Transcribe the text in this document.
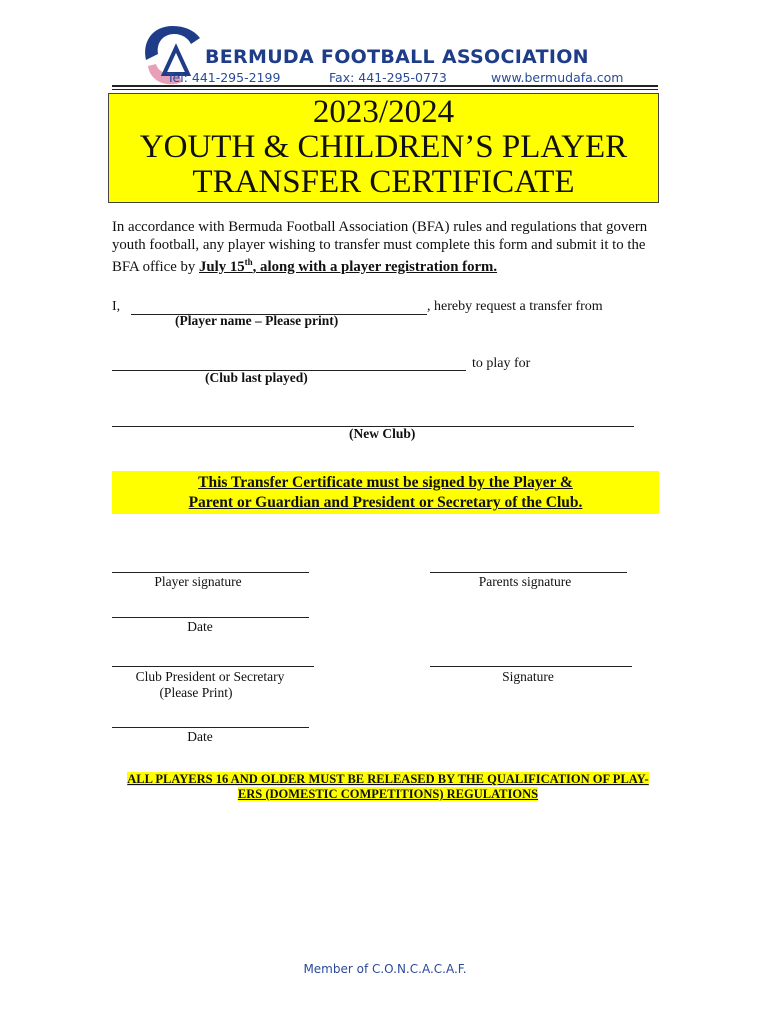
BERMUDA FOOTBALL ASSOCIATION
Tel: 441-295-2199	Fax: 441-295-0773	www.bermudafa.com
2023/2024
YOUTH & CHILDREN’S PLAYER
TRANSFER CERTIFICATE
In accordance with Bermuda Football Association (BFA) rules and regulations that govern youth football, any player wishing to transfer must complete this form and submit it to the BFA office by July 15th, along with a player registration form.
I,	, hereby request a transfer from
(Player name – Please print)
to play for
(Club last played)
(New Club)
This Transfer Certificate must be signed by the Player &
Parent or Guardian and President or Secretary of the Club.
Player signature	Parents signature
Date
Club President or Secretary
(Please Print)
Signature
Date
ALL PLAYERS 16 AND OLDER MUST BE RELEASED BY THE QUALIFICATION OF PLAY-
ERS (DOMESTIC COMPETITIONS) REGULATIONS
Member of C.O.N.C.A.C.A.F.
